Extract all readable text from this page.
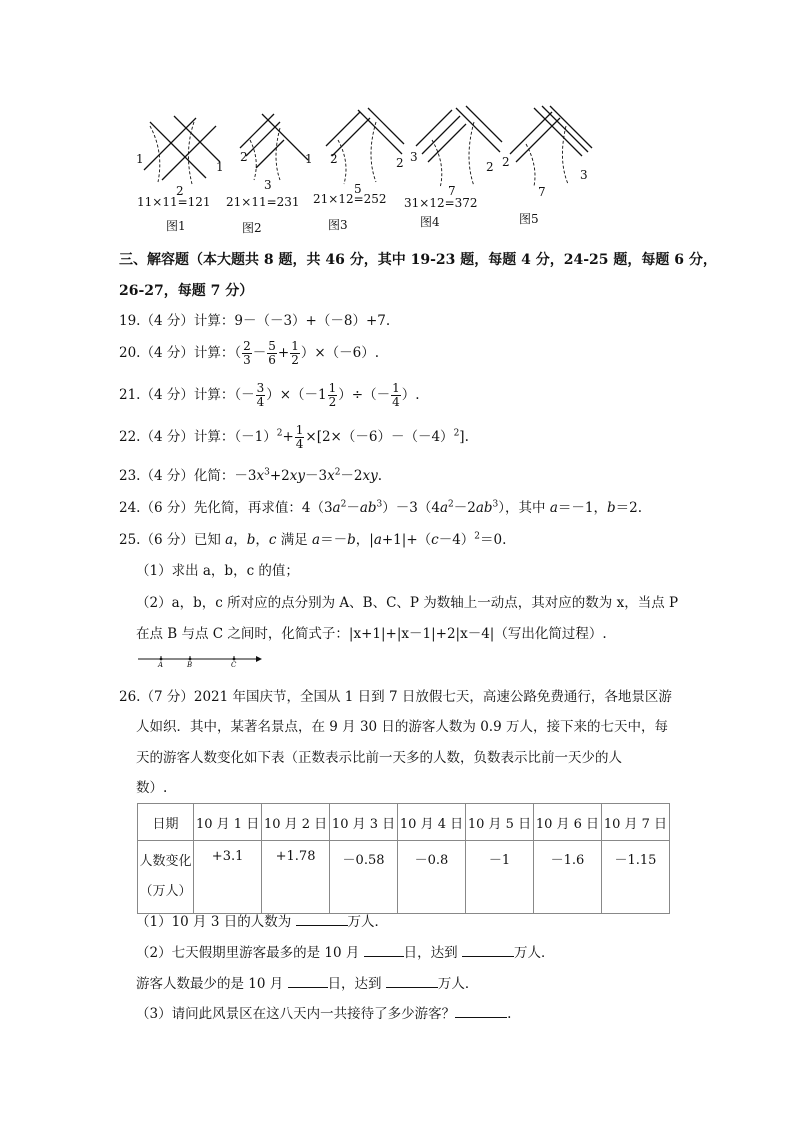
1
2
1
11×11=121
图1
2
3
1
21×11=231
图2
2
5
2
21×12=252
图3
3
7
2
31×12=372
图4
2
7
3
图5
三、解容题（本大题共 8 题，共 46 分，其中 19-23 题，每题 4 分，24-25 题，每题 6 分，
26-27，每题 7 分）
19.（4 分）计算：9－（－3）+（－8）+7.
20.（4 分）计算：（ $\frac{2}{3} - \frac{5}{6} + \frac{1}{2} )\times(-6)$.
21.（4 分）计算：（－ $\frac{3}{4} )\times(-1 \frac{1}{2}$ ）÷（－ $\frac{1}{4}$ ）.
22.（4 分）计算：$(-1)^2+ \frac{1}{4} \times[2\times(-6)-(-4)^2]$.
23.（4 分）化简：$-3x^3+2xy-3x^2-2xy$.
24.（6 分）先化简，再求值：$4(3a^2-ab^3)-3(4a^2-2ab^3)$，其中 a＝－1，b＝2.
25.（6 分）已知 a，b，c 满足 a＝－b，$|a+1|+(c-4)^2=0$.
（1）求出 a，b，c 的值；
（2）a，b，c 所对应的点分别为 A、B、C、P 为数轴上一动点，其对应的数为 x，当点 P
在点 B 与点 C 之间时，化简式子：|x+1|+|x－1|+2|x－4|（写出化简过程）.
A	B	C
26.（7 分）2021 年国庆节，全国从 1 日到 7 日放假七天，高速公路免费通行，各地景区游
人如织．其中，某著名景点，在 9 月 30 日的游客人数为 0.9 万人，接下来的七天中，每
天的游客人数变化如下表（正数表示比前一天多的人数，负数表示比前一天少的人
数）.
日期	10 月 1 日	10 月 2 日	10 月 3 日	10 月 4 日	10 月 5 日	10 月 6 日	10 月 7 日
人数变化
（万人）	+3.1	+1.78	－0.58	－0.8	－1	－1.6	－1.15
（1）10 月 3 日的人数为	万人．
（2）七天假期里游客最多的是 10 月	日，达到	万人．
游客人数最少的是 10 月	日，达到	万人．
（3）请问此风景区在这八天内一共接待了多少游客？	.
